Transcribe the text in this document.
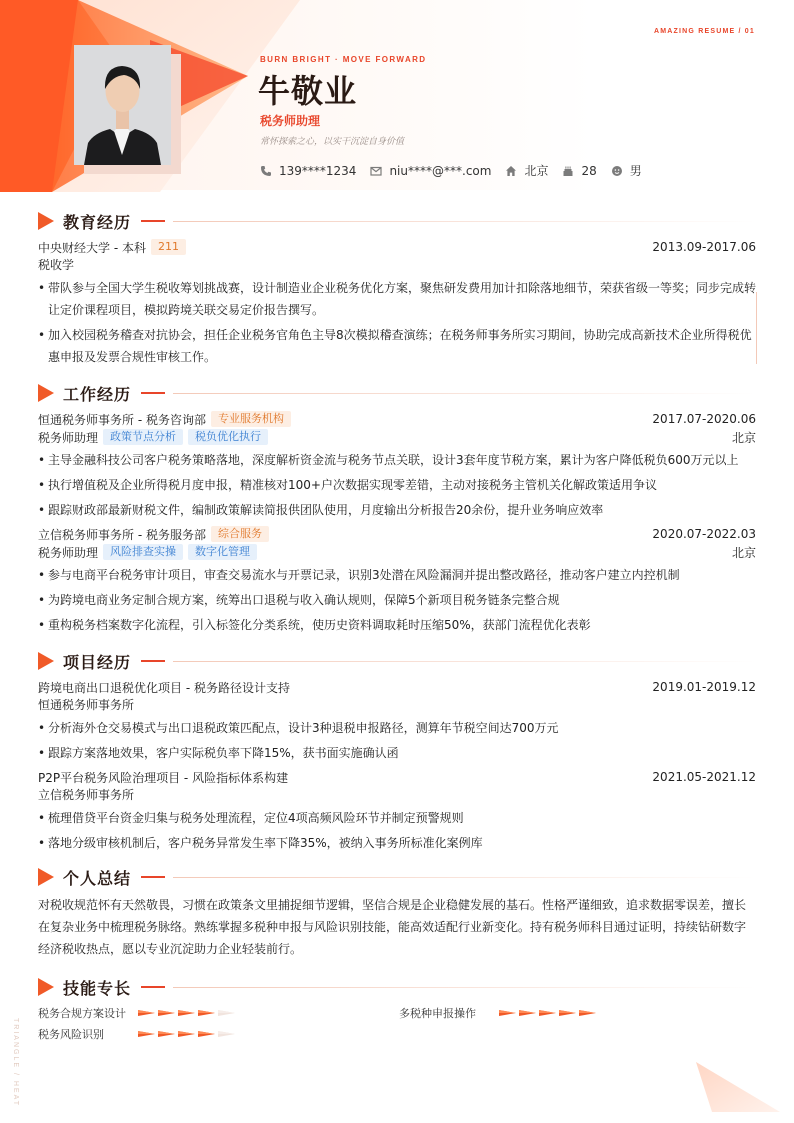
AMAZING RESUME / 01
BURN BRIGHT · MOVE FORWARD
牛敬业
税务师助理
常怀探索之心，以实干沉淀自身价值
139****1234	niu****@***.com	北京	28	男
教育经历
中央财经大学 - 本科	211	2013.09-2017.06
税收学
• 带队参与全国大学生税收筹划挑战赛，设计制造业企业税务优化方案，聚焦研发费用加计扣除落地细节，荣获省级一等奖；同步完成转让定价课程项目，模拟跨境关联交易定价报告撰写。
• 加入校园税务稽查对抗协会，担任企业税务官角色主导8次模拟稽查演练；在税务师事务所实习期间，协助完成高新技术企业所得税优惠申报及发票合规性审核工作。
工作经历
恒通税务师事务所 - 税务咨询部	专业服务机构	2017.07-2020.06
税务师助理	政策节点分析	税负优化执行	北京
• 主导金融科技公司客户税务策略落地，深度解析资金流与税务节点关联，设计3套年度节税方案，累计为客户降低税负600万元以上
• 执行增值税及企业所得税月度申报，精准核对100+户次数据实现零差错，主动对接税务主管机关化解政策适用争议
• 跟踪财政部最新财税文件，编制政策解读简报供团队使用，月度输出分析报告20余份，提升业务响应效率
立信税务师事务所 - 税务服务部	综合服务	2020.07-2022.03
税务师助理	风险排查实操	数字化管理	北京
• 参与电商平台税务审计项目，审查交易流水与开票记录，识别3处潜在风险漏洞并提出整改路径，推动客户建立内控机制
• 为跨境电商业务定制合规方案，统筹出口退税与收入确认规则，保障5个新项目税务链条完整合规
• 重构税务档案数字化流程，引入标签化分类系统，使历史资料调取耗时压缩50%，获部门流程优化表彰
项目经历
跨境电商出口退税优化项目 - 税务路径设计支持	2019.01-2019.12
恒通税务师事务所
• 分析海外仓交易模式与出口退税政策匹配点，设计3种退税申报路径，测算年节税空间达700万元
• 跟踪方案落地效果，客户实际税负率下降15%，获书面实施确认函
P2P平台税务风险治理项目 - 风险指标体系构建	2021.05-2021.12
立信税务师事务所
• 梳理借贷平台资金归集与税务处理流程，定位4项高频风险环节并制定预警规则
• 落地分级审核机制后，客户税务异常发生率下降35%，被纳入事务所标准化案例库
个人总结
对税收规范怀有天然敬畏，习惯在政策条文里捕捉细节逻辑，坚信合规是企业稳健发展的基石。性格严谨细致，追求数据零误差，擅长在复杂业务中梳理税务脉络。熟练掌握多税种申报与风险识别技能，能高效适配行业新变化。持有税务师科目通过证明，持续钻研数字经济税收热点，愿以专业沉淀助力企业轻装前行。
技能专长
税务合规方案设计	多税种申报操作
税务风险识别
TRIANGLE / HEAT
